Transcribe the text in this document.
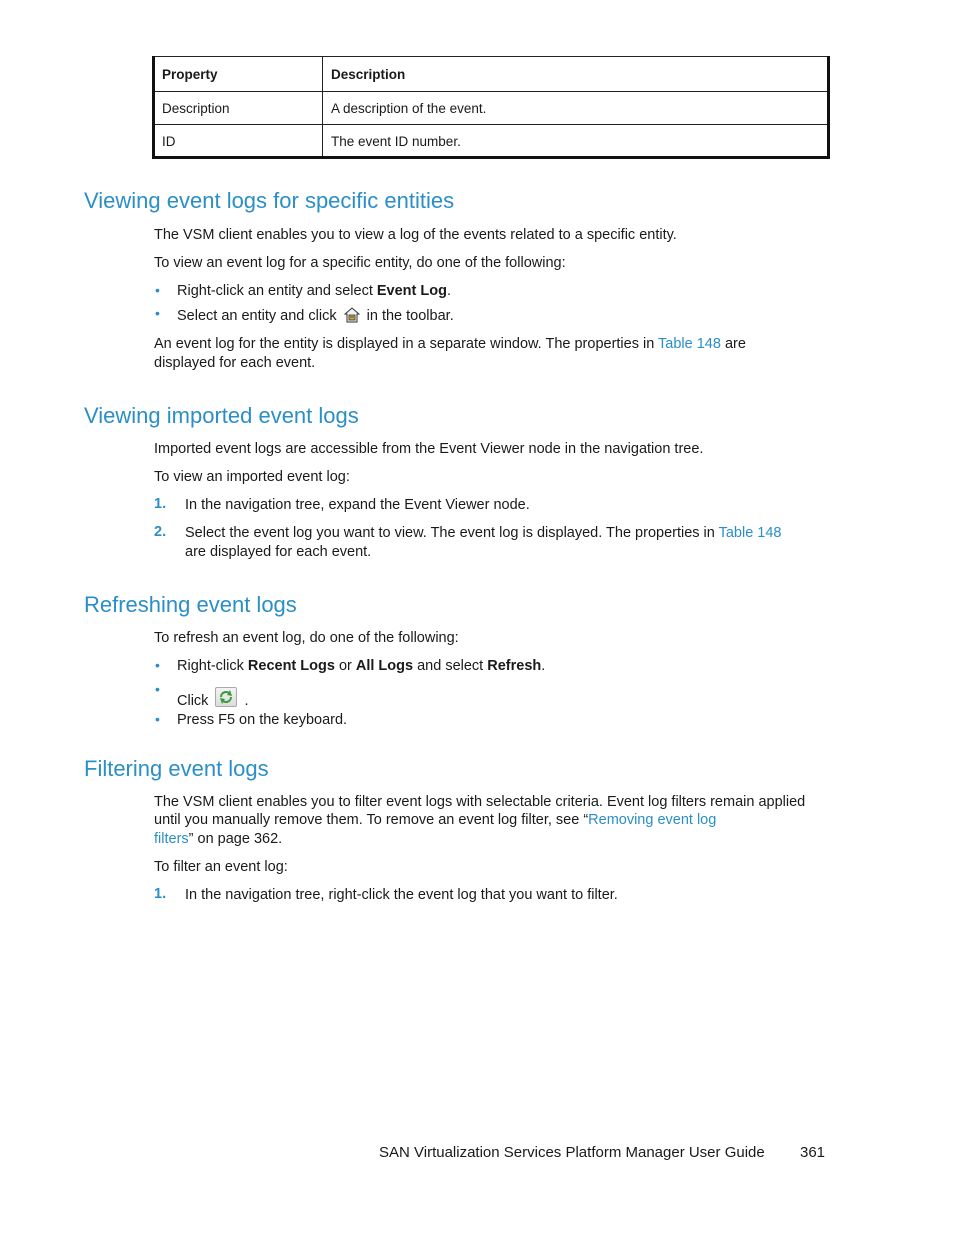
Property	Description
Description	A description of the event.
ID	The event ID number.
Viewing event logs for specific entities
The VSM client enables you to view a log of the events related to a specific entity.
To view an event log for a specific entity, do one of the following:
• Right-click an entity and select Event Log.
• Select an entity and click  in the toolbar.
An event log for the entity is displayed in a separate window. The properties in Table 148 are
displayed for each event.
Viewing imported event logs
Imported event logs are accessible from the Event Viewer node in the navigation tree.
To view an imported event log:
1. In the navigation tree, expand the Event Viewer node.
2. Select the event log you want to view. The event log is displayed. The properties in Table 148
are displayed for each event.
Refreshing event logs
To refresh an event log, do one of the following:
• Right-click Recent Logs or All Logs and select Refresh.
•
Click
.
• Press F5 on the keyboard.
Filtering event logs
The VSM client enables you to filter event logs with selectable criteria. Event log filters remain applied
until you manually remove them. To remove an event log filter, see “Removing event log
filters” on page 362.
To filter an event log:
1. In the navigation tree, right-click the event log that you want to filter.
SAN Virtualization Services Platform Manager User Guide 361
